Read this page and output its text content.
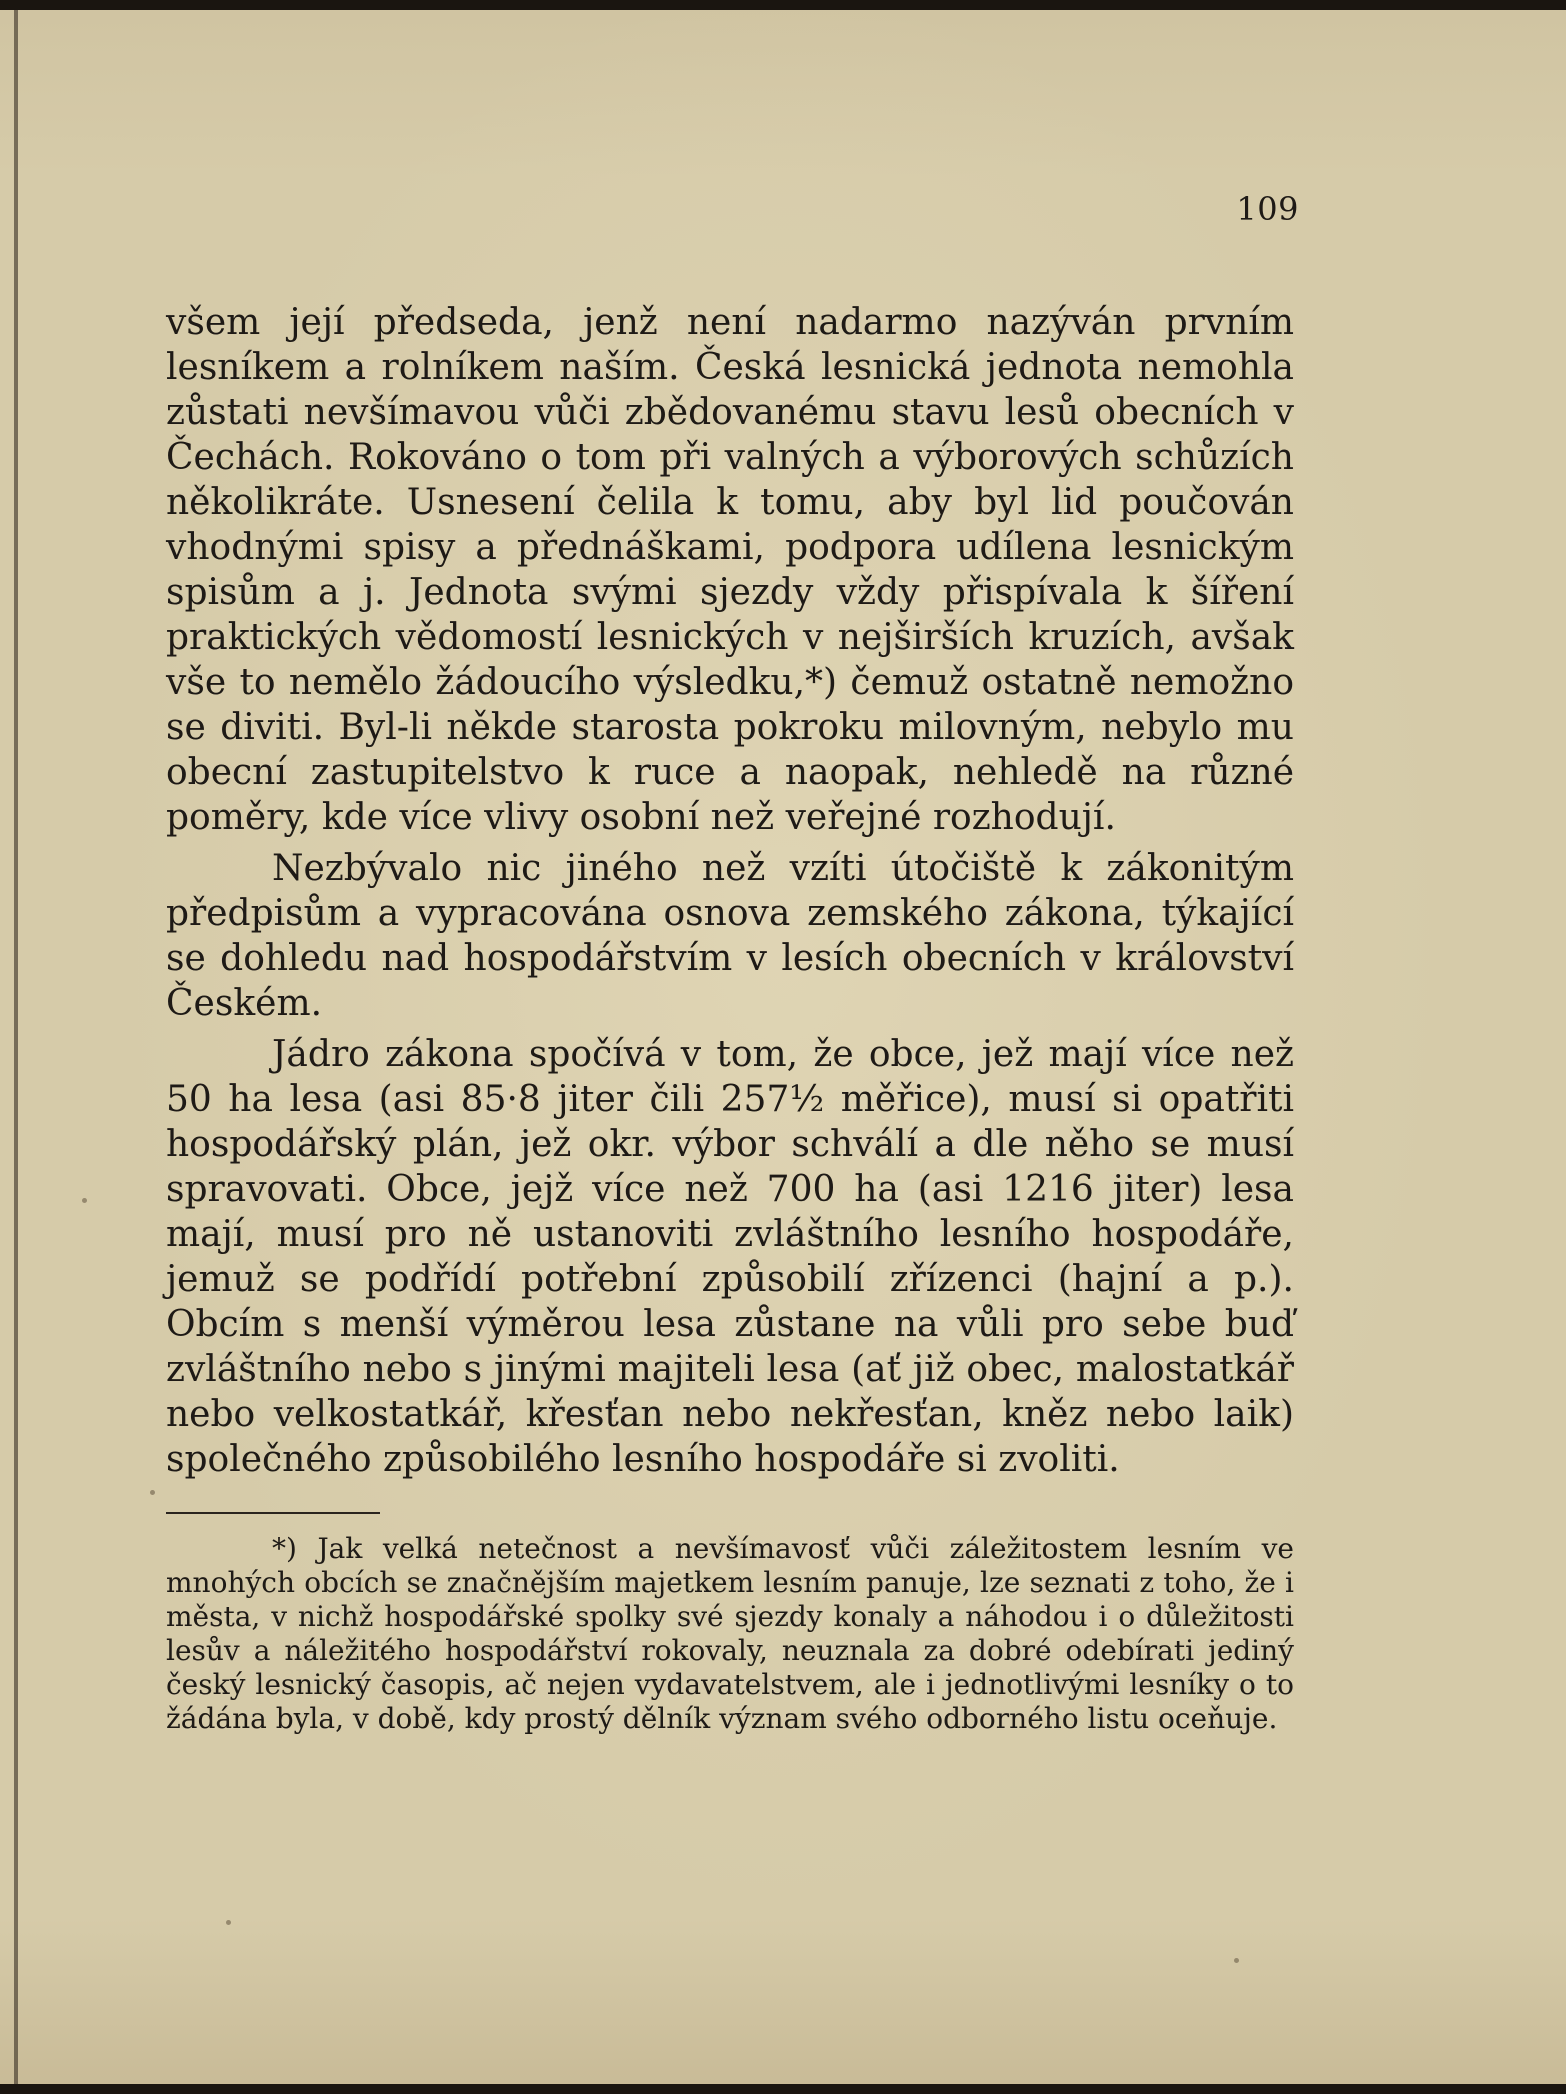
109

všem její předseda, jenž není nadarmo nazýván prvním lesníkem a rolníkem naším. Česká lesnická jednota nemohla zůstati nevšímavou vůči zbědovanému stavu lesů obecních v Čechách. Rokováno o tom při valných a výborových schůzích několikráte. Usnesení čelila k tomu, aby byl lid poučován vhodnými spisy a přednáškami, podpora udílena lesnickým spisům a j. Jednota svými sjezdy vždy přispívala k šíření praktických vědomostí lesnických v nejširších kruzích, avšak vše to nemělo žádoucího výsledku,*) čemuž ostatně nemožno se diviti. Byl-li někde starosta pokroku milovným, nebylo mu obecní zastupitelstvo k ruce a naopak, nehledě na různé poměry, kde více vlivy osobní než veřejné rozhodují.

Nezbývalo nic jiného než vzíti útočiště k zákonitým předpisům a vypracována osnova zemského zákona, týkající se dohledu nad hospodářstvím v lesích obecních v království Českém.

Jádro zákona spočívá v tom, že obce, jež mají více než 50 ha lesa (asi 85·8 jiter čili 257½ měřice), musí si opatřiti hospodářský plán, jež okr. výbor schválí a dle něho se musí spravovati. Obce, jejž více než 700 ha (asi 1216 jiter) lesa mají, musí pro ně ustanoviti zvláštního lesního hospodáře, jemuž se podřídí potřební způsobilí zřízenci (hajní a p.). Obcím s menší výměrou lesa zůstane na vůli pro sebe buď zvláštního nebo s jinými majiteli lesa (ať již obec, malostatkář nebo velkostatkář, křesťan nebo nekřesťan, kněz nebo laik) společného způsobilého lesního hospodáře si zvoliti.

*) Jak velká netečnost a nevšímavosť vůči záležitostem lesním ve mnohých obcích se značnějším majetkem lesním panuje, lze seznati z toho, že i města, v nichž hospodářské spolky své sjezdy konaly a náhodou i o důležitosti lesův a náležitého hospodářství rokovaly, neuznala za dobré odebírati jediný český lesnický časopis, ač nejen vydavatelstvem, ale i jednotlivými lesníky o to žádána byla, v době, kdy prostý dělník význam svého odborného listu oceňuje.
